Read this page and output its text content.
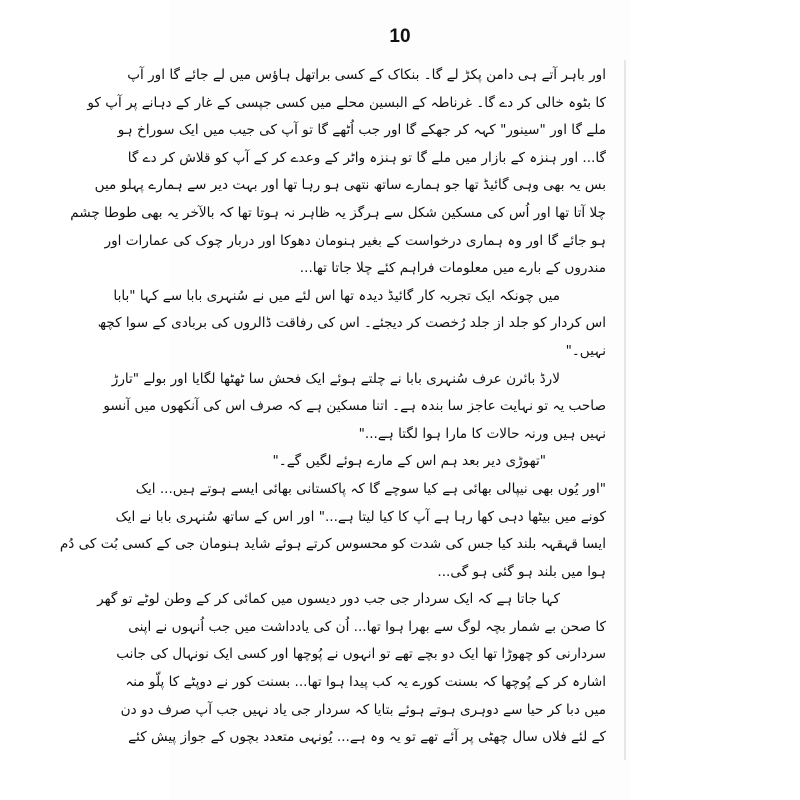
10
اور باہر آتے ہی دامن پکڑ لے گا۔ بنکاک کے کسی براتھل ہاؤس میں لے جائے گا اور آپ
کا بٹوہ خالی کر دے گا۔ غرناطہ کے البسین محلے میں کسی جپسی کے غار کے دہانے پر آپ کو
ملے گا اور "سینور" کہہ کر جھکے گا اور جب اُٹھے گا تو آپ کی جیب میں ایک سوراخ ہو
گا... اور ہنزہ کے بازار میں ملے گا تو ہنزہ واٹر کے وعدے کر کے آپ کو قلاش کر دے گا
بس یہ بھی وہی گائیڈ تھا جو ہمارے ساتھ نتھی ہو رہا تھا اور بہت دیر سے ہمارے پہلو میں
چلا آتا تھا اور اُس کی مسکین شکل سے ہرگز یہ ظاہر نہ ہوتا تھا کہ بالآخر یہ بھی طوطا چشم
ہو جائے گا اور وہ ہماری درخواست کے بغیر ہنومان دھوکا اور دربار چوک کی عمارات اور
مندروں کے بارے میں معلومات فراہم کئے چلا جاتا تھا...
میں چونکہ ایک تجربہ کار گائیڈ دیدہ تھا اس لئے میں نے سُنہری بابا سے کہا "بابا
اس کردار کو جلد از جلد رُخصت کر دیجئے۔ اس کی رفاقت ڈالروں کی بربادی کے سوا کچھ
نہیں۔"
لارڈ بائرن عرف سُنہری بابا نے چلتے ہوئے ایک فحش سا ٹھٹھا لگایا اور بولے "تارڑ
صاحب یہ تو نہایت عاجز سا بندہ ہے۔ اتنا مسکین ہے کہ صرف اس کی آنکھوں میں آنسو
نہیں ہیں ورنہ حالات کا مارا ہوا لگتا ہے..."
"تھوڑی دیر بعد ہم اس کے مارے ہوئے لگیں گے۔"
"اور یُوں بھی نیپالی بھائی ہے کیا سوچے گا کہ پاکستانی بھائی ایسے ہوتے ہیں... ایک
کونے میں بیٹھا دہی کھا رہا ہے آپ کا کیا لیتا ہے..." اور اس کے ساتھ سُنہری بابا نے ایک
ایسا قہقہہ بلند کیا جس کی شدت کو محسوس کرتے ہوئے شاید ہنومان جی کے کسی بُت کی دُم
ہوا میں بلند ہو گئی ہو گی...
کہا جاتا ہے کہ ایک سردار جی جب دور دیسوں میں کمائی کر کے وطن لوٹے تو گھر
کا صحن بے شمار بچہ لوگ سے بھرا ہوا تھا... اُن کی یادداشت میں جب اُنہوں نے اپنی
سردارنی کو چھوڑا تھا ایک دو بچے تھے تو انہوں نے پُوچھا اور کسی ایک نونہال کی جانب
اشارہ کر کے پُوچھا کہ بسنت کورے یہ کب پیدا ہوا تھا... بسنت کور نے دوپٹے کا پلّو منہ
میں دبا کر حیا سے دوہری ہوتے ہوئے بتایا کہ سردار جی یاد نہیں جب آپ صرف دو دن
کے لئے فلاں سال چھٹی پر آئے تھے تو یہ وہ ہے... یُونہی متعدد بچوں کے جواز پیش کئے
